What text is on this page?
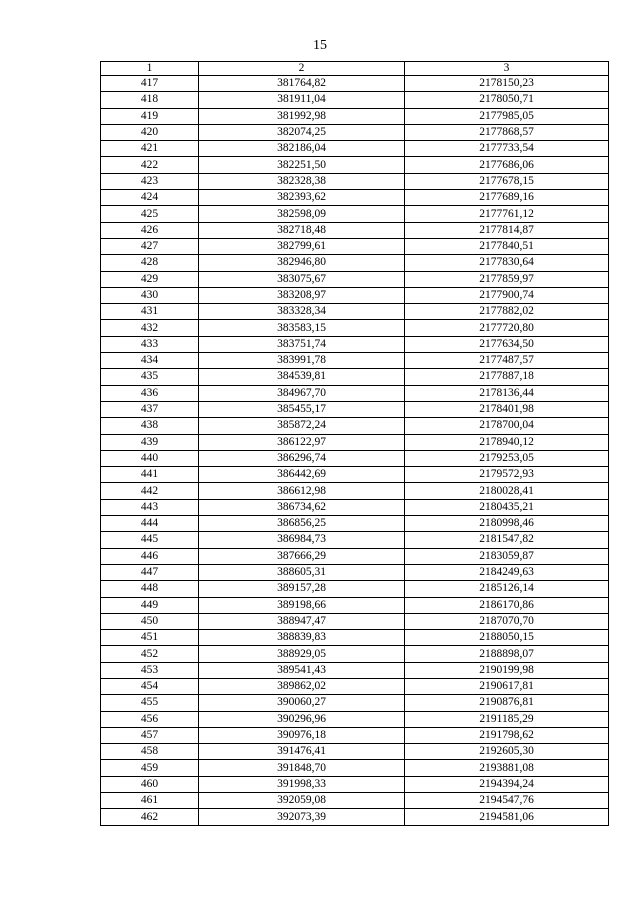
15
1	2	3
417	381764,82	2178150,23
418	381911,04	2178050,71
419	381992,98	2177985,05
420	382074,25	2177868,57
421	382186,04	2177733,54
422	382251,50	2177686,06
423	382328,38	2177678,15
424	382393,62	2177689,16
425	382598,09	2177761,12
426	382718,48	2177814,87
427	382799,61	2177840,51
428	382946,80	2177830,64
429	383075,67	2177859,97
430	383208,97	2177900,74
431	383328,34	2177882,02
432	383583,15	2177720,80
433	383751,74	2177634,50
434	383991,78	2177487,57
435	384539,81	2177887,18
436	384967,70	2178136,44
437	385455,17	2178401,98
438	385872,24	2178700,04
439	386122,97	2178940,12
440	386296,74	2179253,05
441	386442,69	2179572,93
442	386612,98	2180028,41
443	386734,62	2180435,21
444	386856,25	2180998,46
445	386984,73	2181547,82
446	387666,29	2183059,87
447	388605,31	2184249,63
448	389157,28	2185126,14
449	389198,66	2186170,86
450	388947,47	2187070,70
451	388839,83	2188050,15
452	388929,05	2188898,07
453	389541,43	2190199,98
454	389862,02	2190617,81
455	390060,27	2190876,81
456	390296,96	2191185,29
457	390976,18	2191798,62
458	391476,41	2192605,30
459	391848,70	2193881,08
460	391998,33	2194394,24
461	392059,08	2194547,76
462	392073,39	2194581,06
